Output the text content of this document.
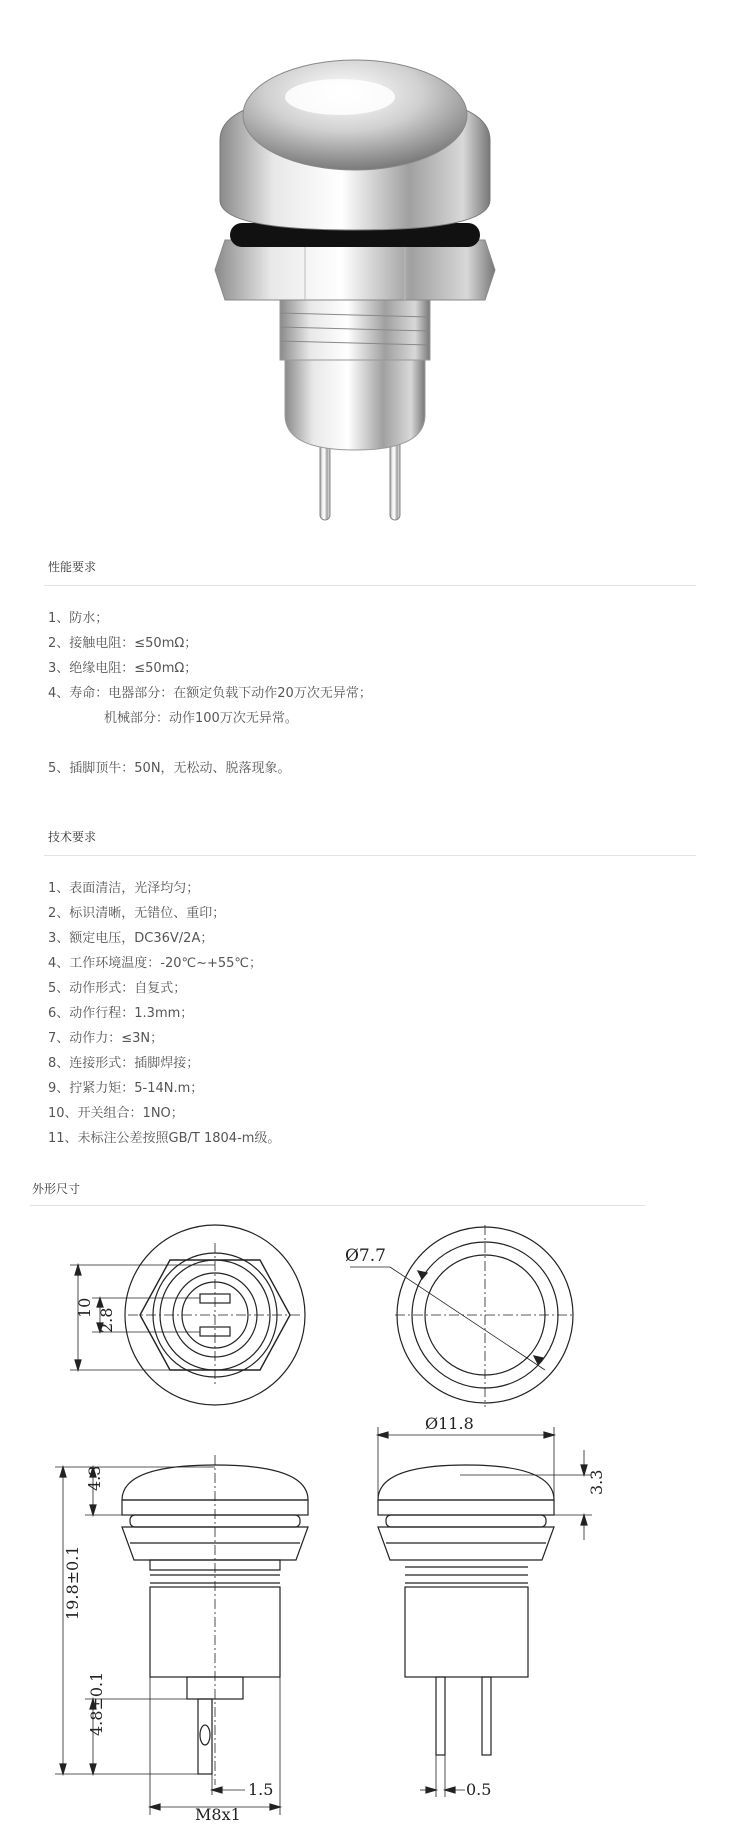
性能要求
1、防水；
2、接触电阻：≤50mΩ；
3、绝缘电阻：≤50mΩ；
4、寿命：电器部分：在额定负载下动作20万次无异常；
机械部分：动作100万次无异常。
5、插脚顶牛：50N，无松动、脱落现象。
技术要求
1、表面清洁，光泽均匀；
2、标识清晰，无错位、重印；
3、额定电压，DC36V/2A；
4、工作环境温度：-20℃~+55℃；
5、动作形式：自复式；
6、动作行程：1.3mm；
7、动作力：≤3N；
8、连接形式：插脚焊接；
9、拧紧力矩：5-14N.m；
10、开关组合：1NO；
11、未标注公差按照GB/T 1804-m级。
外形尺寸
10 2.8
Ø7.7
19.8±0.1
4.3
4.8±0.1
M8x1
1.5
Ø11.8
3.3
0.5
